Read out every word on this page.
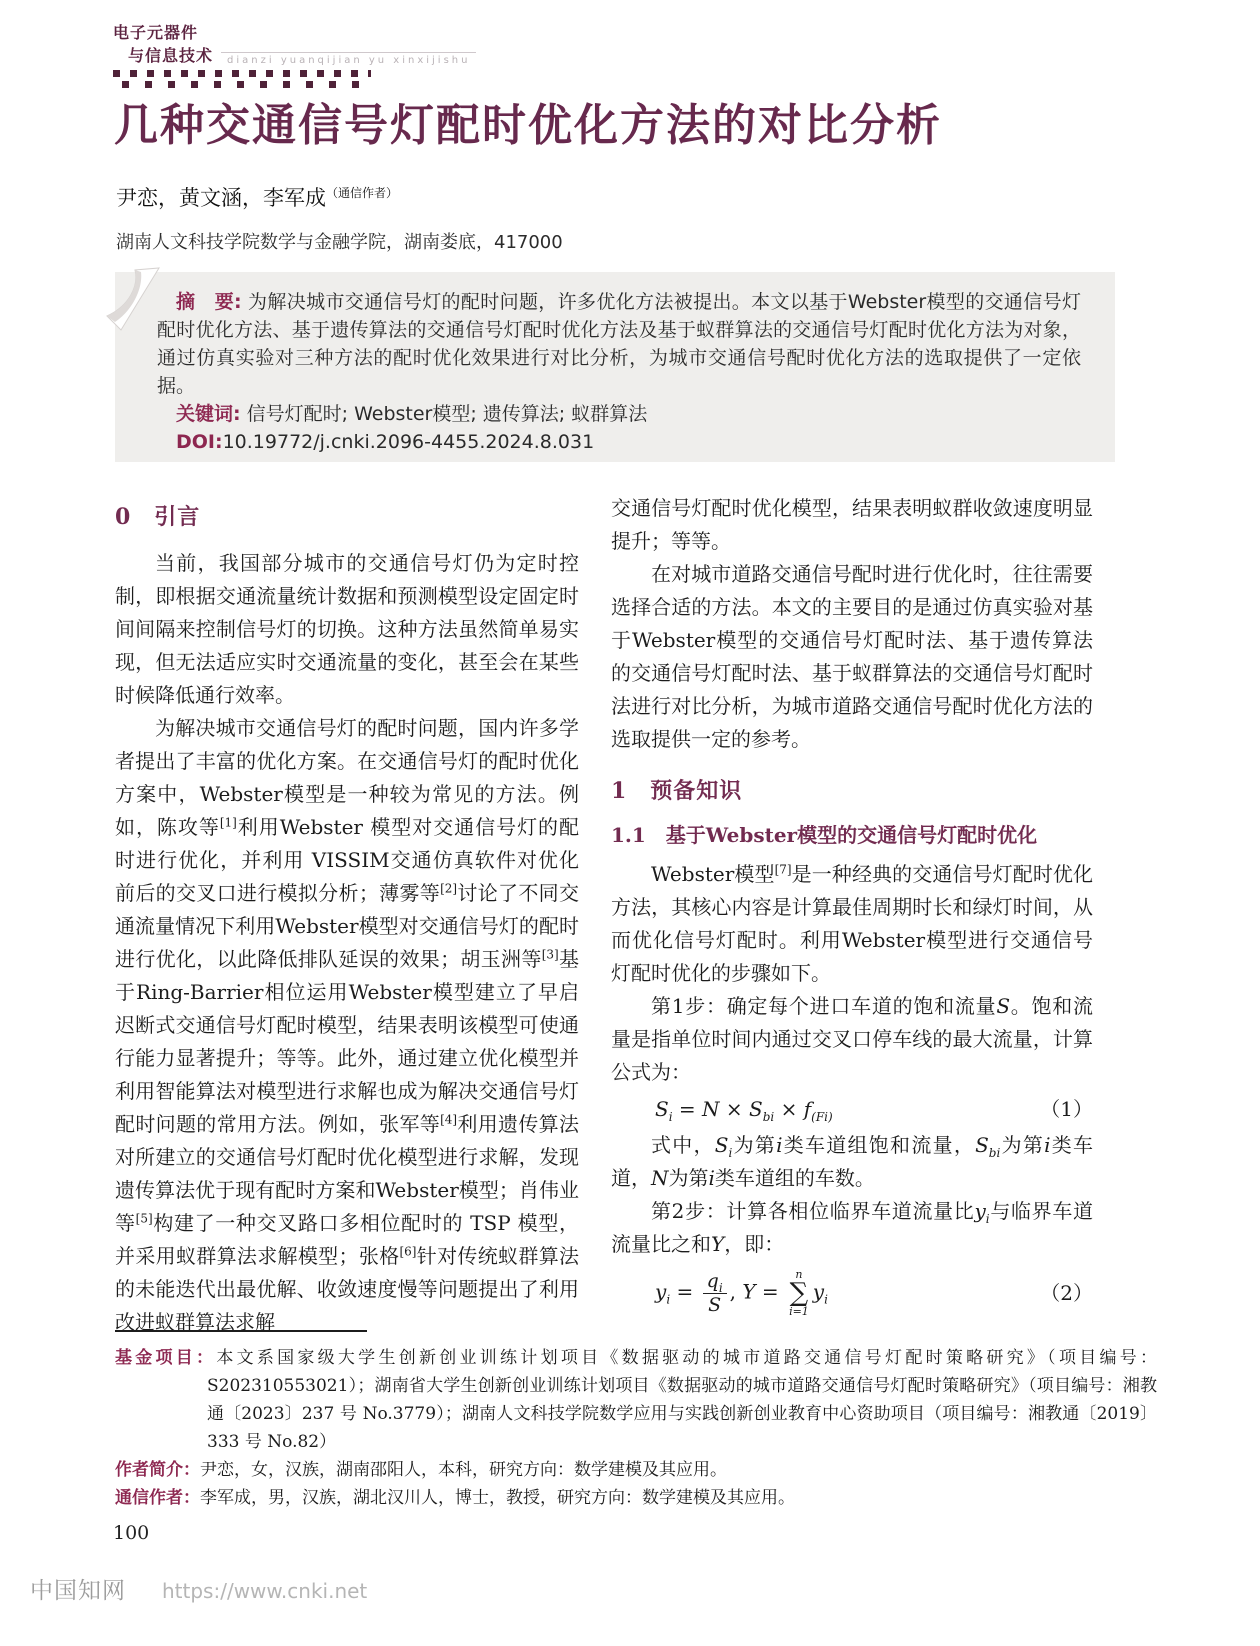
电子元器件
与信息技术	dianzi yuanqijian yu xinxijishu
几种交通信号灯配时优化方法的对比分析
尹恋，黄文涵，李军成$^{(通信作者)}$
湖南人文科技学院数学与金融学院，湖南娄底，417000

摘　要: 为解决城市交通信号灯的配时问题，许多优化方法被提出。本文以基于Webster模型的交通信号灯配时优化方法、基于遗传算法的交通信号灯配时优化方法及基于蚁群算法的交通信号灯配时优化方法为对象，通过仿真实验对三种方法的配时优化效果进行对比分析，为城市交通信号配时优化方法的选取提供了一定依据。

关键词: 信号灯配时; Webster模型; 遗传算法; 蚁群算法

DOI:10.19772/j.cnki.2096-4455.2024.8.031

0　引言

当前，我国部分城市的交通信号灯仍为定时控制，即根据交通流量统计数据和预测模型设定固定时间间隔来控制信号灯的切换。这种方法虽然简单易实现，但无法适应实时交通流量的变化，甚至会在某些时候降低通行效率。

为解决城市交通信号灯的配时问题，国内许多学者提出了丰富的优化方案。在交通信号灯的配时优化方案中，Webster模型是一种较为常见的方法。例如，陈攻等[1]利用Webster 模型对交通信号灯的配时进行优化，并利用 VISSIM交通仿真软件对优化前后的交叉口进行模拟分析；薄雾等[2]讨论了不同交通流量情况下利用Webster模型对交通信号灯的配时进行优化，以此降低排队延误的效果；胡玉洲等[3]基于Ring-Barrier相位运用Webster模型建立了早启迟断式交通信号灯配时模型，结果表明该模型可使通行能力显著提升；等等。此外，通过建立优化模型并利用智能算法对模型进行求解也成为解决交通信号灯配时问题的常用方法。例如，张军等[4]利用遗传算法对所建立的交通信号灯配时优化模型进行求解，发现遗传算法优于现有配时方案和Webster模型；肖伟业等[5]构建了一种交叉路口多相位配时的 TSP 模型，并采用蚁群算法求解模型；张格[6]针对传统蚁群算法的未能迭代出最优解、收敛速度慢等问题提出了利用改进蚁群算法求解

交通信号灯配时优化模型，结果表明蚁群收敛速度明显提升；等等。

在对城市道路交通信号配时进行优化时，往往需要选择合适的方法。本文的主要目的是通过仿真实验对基于Webster模型的交通信号灯配时法、基于遗传算法的交通信号灯配时法、基于蚁群算法的交通信号灯配时法进行对比分析，为城市道路交通信号配时优化方法的选取提供一定的参考。

1　预备知识
1.1　基于Webster模型的交通信号灯配时优化

Webster模型[7]是一种经典的交通信号灯配时优化方法，其核心内容是计算最佳周期时长和绿灯时间，从而优化信号灯配时。利用Webster模型进行交通信号灯配时优化的步骤如下。

第1步：确定每个进口车道的饱和流量S。饱和流量是指单位时间内通过交叉口停车线的最大流量，计算公式为：

$S_i = N \times S_{bi} \times f_{(Fi)}$	（1）

式中，$S_i$为第i类车道组饱和流量，$S_{bi}$为第i类车道，N为第i类车道组的车数。

第2步：计算各相位临界车道流量比$y_i$与临界车道流量比之和Y，即：

$y_i = \frac{q_i}{S}$ , Y =
n
∑
i=1
$y_i$	（2）

基金项目：本文系国家级大学生创新创业训练计划项目《数据驱动的城市道路交通信号灯配时策略研究》（项目编号：S202310553021）；湖南省大学生创新创业训练计划项目《数据驱动的城市道路交通信号灯配时策略研究》（项目编号：湘教通〔2023〕237 号 No.3779）；湖南人文科技学院数学应用与实践创新创业教育中心资助项目（项目编号：湘教通〔2019〕333 号 No.82）

作者简介：尹恋，女，汉族，湖南邵阳人，本科，研究方向：数学建模及其应用。

通信作者：李军成，男，汉族，湖北汉川人，博士，教授，研究方向：数学建模及其应用。

100
中国知网 https://www.cnki.net
